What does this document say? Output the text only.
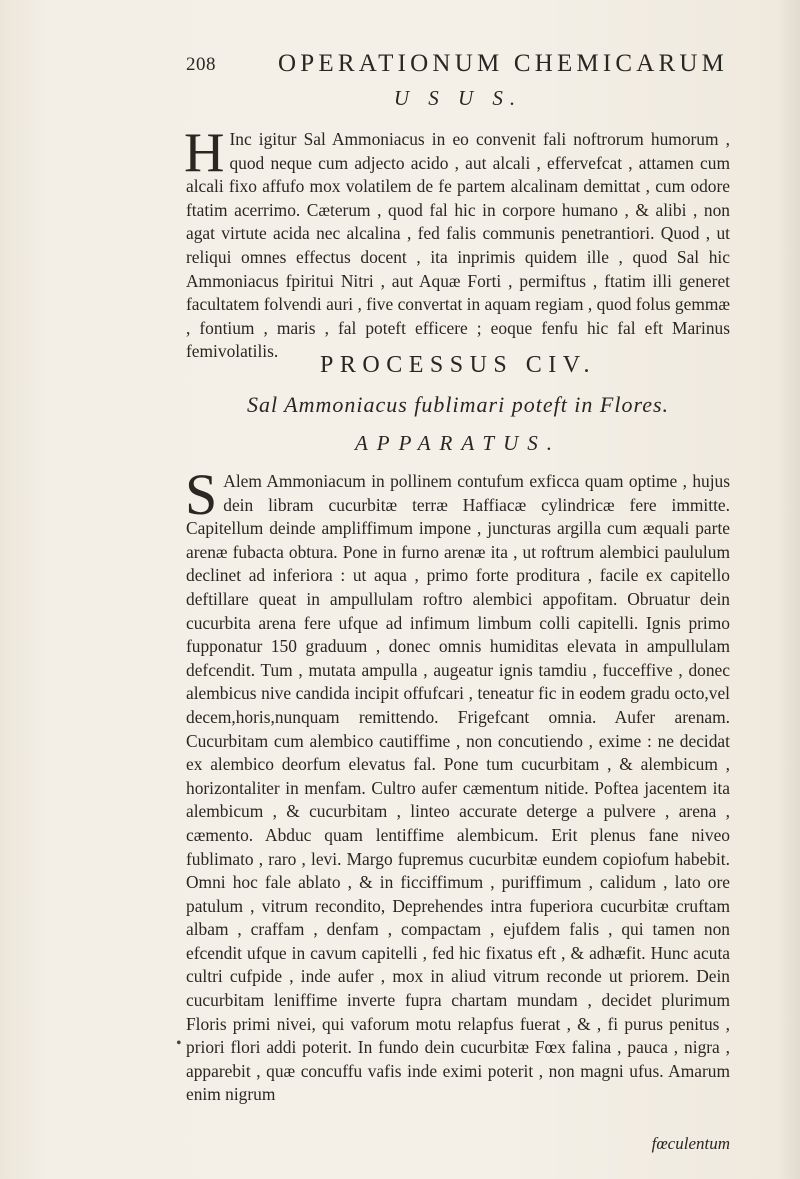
208 OPERATIONUM CHEMICARUM
U S U S.

H Inc igitur Sal Ammoniacus in eo convenit fali noftrorum humorum , quod neque cum adjecto acido , aut alcali , effervefcat , attamen cum alcali fixo affufo mox volatilem de fe partem alcalinam demittat , cum odore ftatim acerrimo. Cæterum , quod fal hic in corpore humano , & alibi , non agat virtute acida nec alcalina , fed falis communis penetrantiori. Quod , ut reliqui omnes effectus docent , ita inprimis quidem ille , quod Sal hic Ammoniacus fpiritui Nitri , aut Aquæ Forti , permiftus , ftatim illi generet facultatem folvendi auri , five convertat in aquam regiam , quod folus gemmæ , fontium , maris , fal poteft efficere ; eoque fenfu hic fal eft Marinus femivolatilis.

PROCESSUS CIV.
Sal Ammoniacus fublimari poteft in Flores.
APPARATUS.

S Alem Ammoniacum in pollinem contufum exficca quam optime , hujus dein libram cucurbitæ terræ Haffiacæ cylindricæ fere immitte. Capitellum deinde ampliffimum impone , juncturas argilla cum æquali parte arenæ fubacta obtura. Pone in furno arenæ ita , ut roftrum alembici paululum declinet ad inferiora : ut aqua , primo forte proditura , facile ex capitello deftillare queat in ampullulam roftro alembici appofitam. Obruatur dein cucurbita arena fere ufque ad infimum limbum colli capitelli. Ignis primo fupponatur 150 graduum , donec omnis humiditas elevata in ampullulam defcendit. Tum , mutata ampulla , augeatur ignis tamdiu , fucceffive , donec alembicus nive candida incipit offufcari , teneatur fic in eodem gradu octo,vel decem,horis,nunquam remittendo. Frigefcant omnia. Aufer arenam. Cucurbitam cum alembico cautiffime , non concutiendo , exime : ne decidat ex alembico deorfum elevatus fal. Pone tum cucurbitam , & alembicum , horizontaliter in menfam. Cultro aufer cæmentum nitide. Poftea jacentem ita alembicum , & cucurbitam , linteo accurate deterge a pulvere , arena , cæmento. Abduc quam lentiffime alembicum. Erit plenus fane niveo fublimato , raro , levi. Margo fupremus cucurbitæ eundem copiofum habebit. Omni hoc fale ablato , & in ficciffimum , puriffimum , calidum , lato ore patulum , vitrum recondito, Deprehendes intra fuperiora cucurbitæ cruftam albam , craffam , denfam , compactam , ejufdem falis , qui tamen non efcendit ufque in cavum capitelli , fed hic fixatus eft , & adhæfit. Hunc acuta cultri cufpide , inde aufer , mox in aliud vitrum reconde ut priorem. Dein cucurbitam leniffime inverte fupra chartam mundam , decidet plurimum Floris primi nivei, qui vaforum motu relapfus fuerat , & , fi purus penitus , priori flori addi poterit. In fundo dein cucurbitæ Fœx falina , pauca , nigra , apparebit , quæ concuffu vafis inde eximi poterit , non magni ufus. Amarum enim nigrum

•
fœculentum
